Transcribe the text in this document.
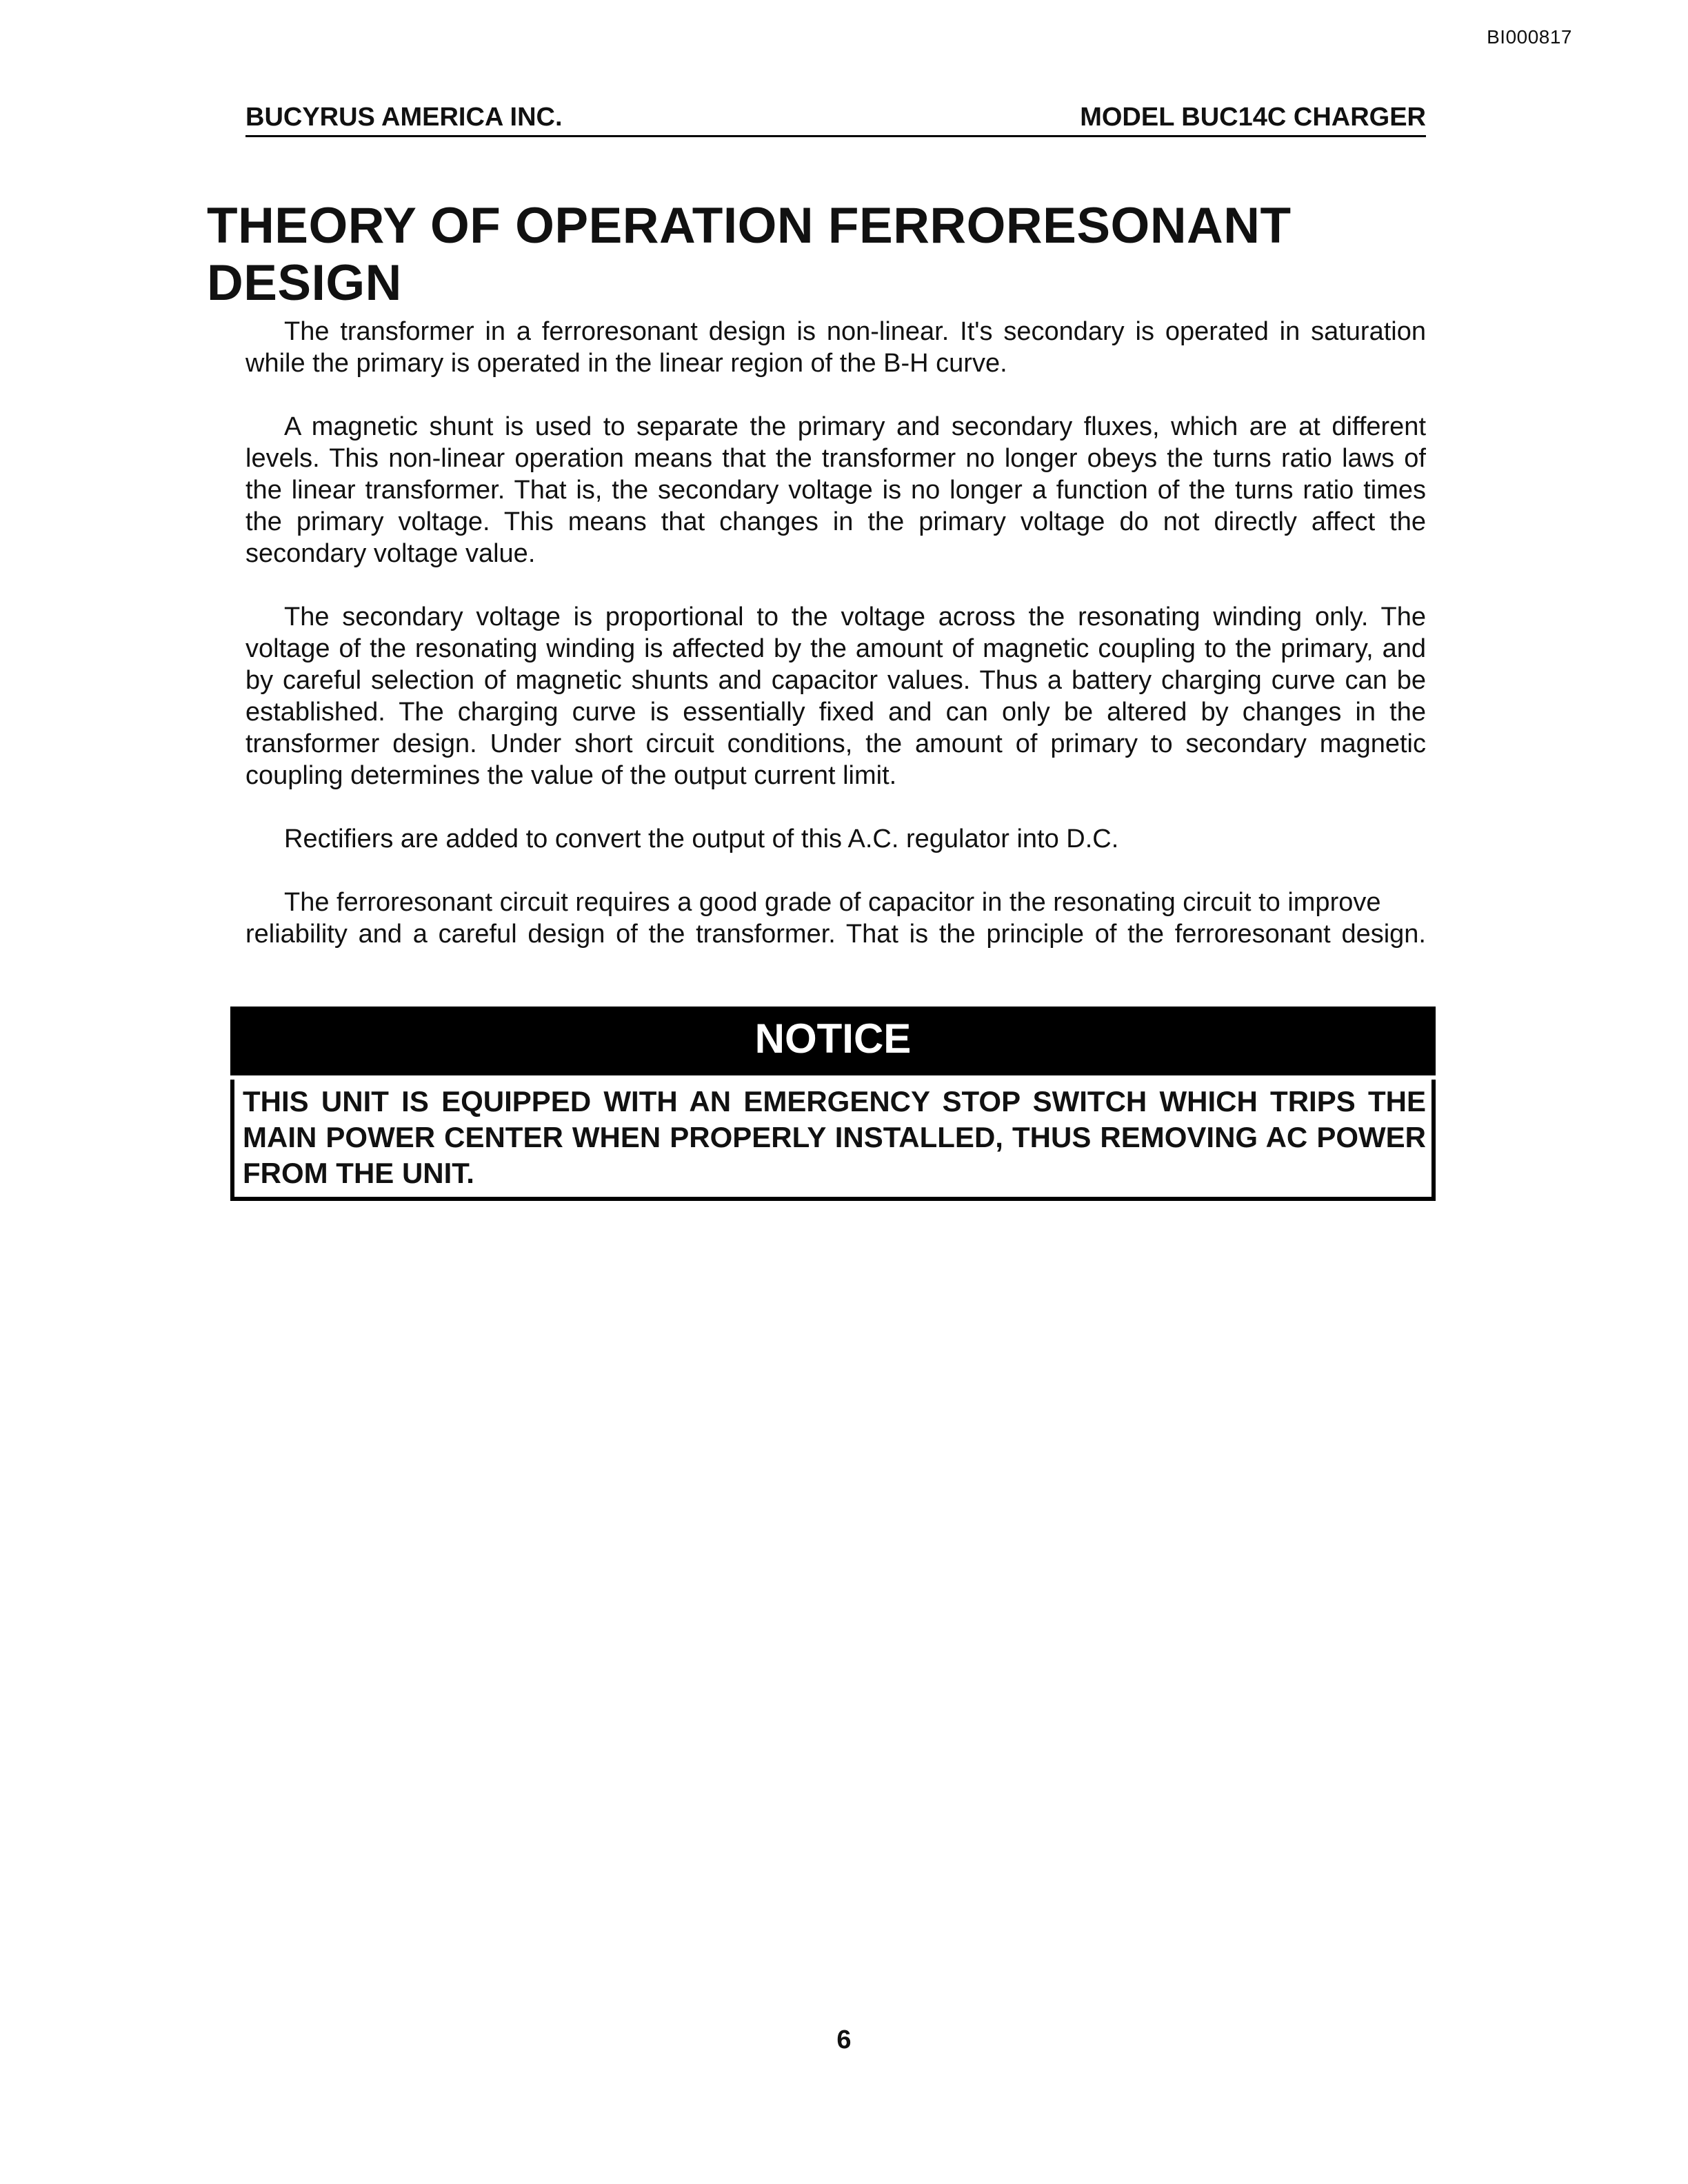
BI000817
BUCYRUS AMERICA INC.	MODEL BUC14C CHARGER
THEORY OF OPERATION FERRORESONANT DESIGN

The transformer in a ferroresonant design is non-linear. It's secondary is operated in saturation while the primary is operated in the linear region of the B-H curve.

A magnetic shunt is used to separate the primary and secondary fluxes, which are at different levels. This non-linear operation means that the transformer no longer obeys the turns ratio laws of the linear transformer. That is, the secondary voltage is no longer a function of the turns ratio times the primary voltage. This means that changes in the primary voltage do not directly affect the secondary voltage value.

The secondary voltage is proportional to the voltage across the resonating winding only. The voltage of the resonating winding is affected by the amount of magnetic coupling to the primary, and by careful selection of magnetic shunts and capacitor values. Thus a battery charging curve can be established. The charging curve is essentially fixed and can only be altered by changes in the transformer design. Under short circuit conditions, the amount of primary to secondary magnetic coupling determines the value of the output current limit.

Rectifiers are added to convert the output of this A.C. regulator into D.C.

The ferroresonant circuit requires a good grade of capacitor in the resonating circuit to improve

reliability and a careful design of the transformer. That is the principle of the ferroresonant design.

NOTICE
THIS UNIT IS EQUIPPED WITH AN EMERGENCY STOP SWITCH WHICH TRIPS THE MAIN POWER CENTER WHEN PROPERLY INSTALLED, THUS REMOVING AC POWER FROM THE UNIT.
6
